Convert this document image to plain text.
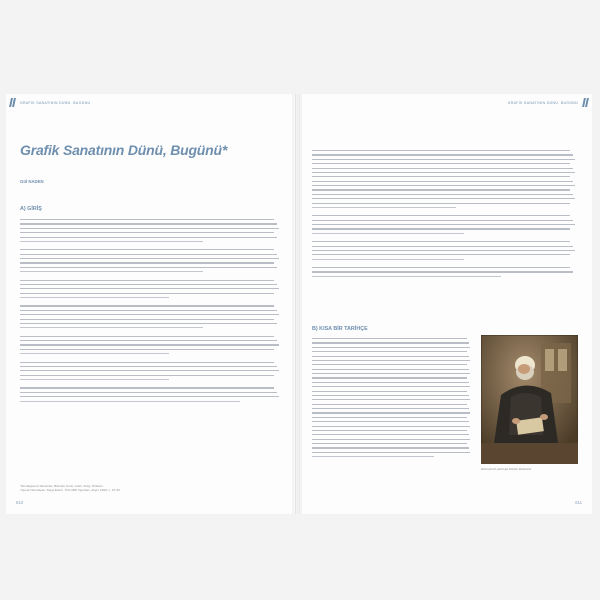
GRAFİK SANATININ DÜNÜ, BUGÜNÜ
Grafik Sanatının Dünü, Bugünü*
Gül NADEN
A) GİRİŞ
*Sunduğumuz Resimler, Bizimler isimli, Lükin, Kuliy, Özbeko...
Yayına Hazırlayan: Sergi Evleri. Türk Milli Yayınları, Ahym 1999, s. 15-45.
610
GRAFİK SANATININ DÜNÜ, BUGÜNÜ
B) KISA BİR TARİHÇE
Mitat Herüt'in pelerinyle Sözülen Müdürüntü.
611
